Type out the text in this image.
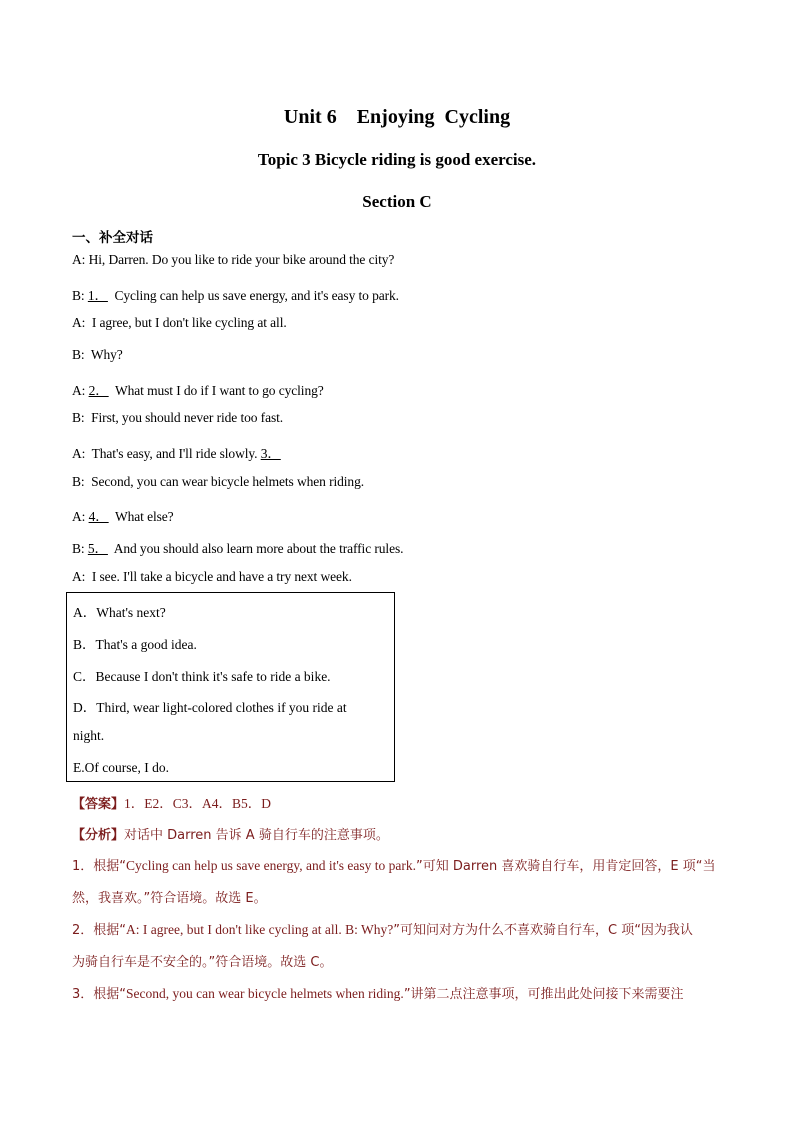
Unit 6    Enjoying  Cycling
Topic 3 Bicycle riding is good exercise.
Section C
一、补全对话
A: Hi, Darren. Do you like to ride your bike around the city?
B: 1．  Cycling can help us save energy, and it's easy to park.
A:  I agree, but I don't like cycling at all.
B:  Why?
A: 2．  What must I do if I want to go cycling?
B:  First, you should never ride too fast.
A:  That's easy, and I'll ride slowly. 3．
B:  Second, you can wear bicycle helmets when riding.
A: 4．  What else?
B: 5．  And you should also learn more about the traffic rules.
A:  I see. I'll take a bicycle and have a try next week.
A．What's next?
B．That's a good idea.
C．Because I don't think it's safe to ride a bike.
D．Third, wear light-colored clothes if you ride at
night.
E.Of course, I do.
【答案】1．E2．C3．A4．B5．D
【分析】对话中 Darren 告诉 A 骑自行车的注意事项。
1．根据“Cycling can help us save energy, and it's easy to park.”可知 Darren 喜欢骑自行车，用肯定回答，E 项“当
然，我喜欢。”符合语境。故选 E。
2．根据“A: I agree, but I don't like cycling at all. B: Why?”可知问对方为什么不喜欢骑自行车，C 项“因为我认
为骑自行车是不安全的。”符合语境。故选 C。
3．根据“Second, you can wear bicycle helmets when riding.”讲第二点注意事项，可推出此处问接下来需要注
